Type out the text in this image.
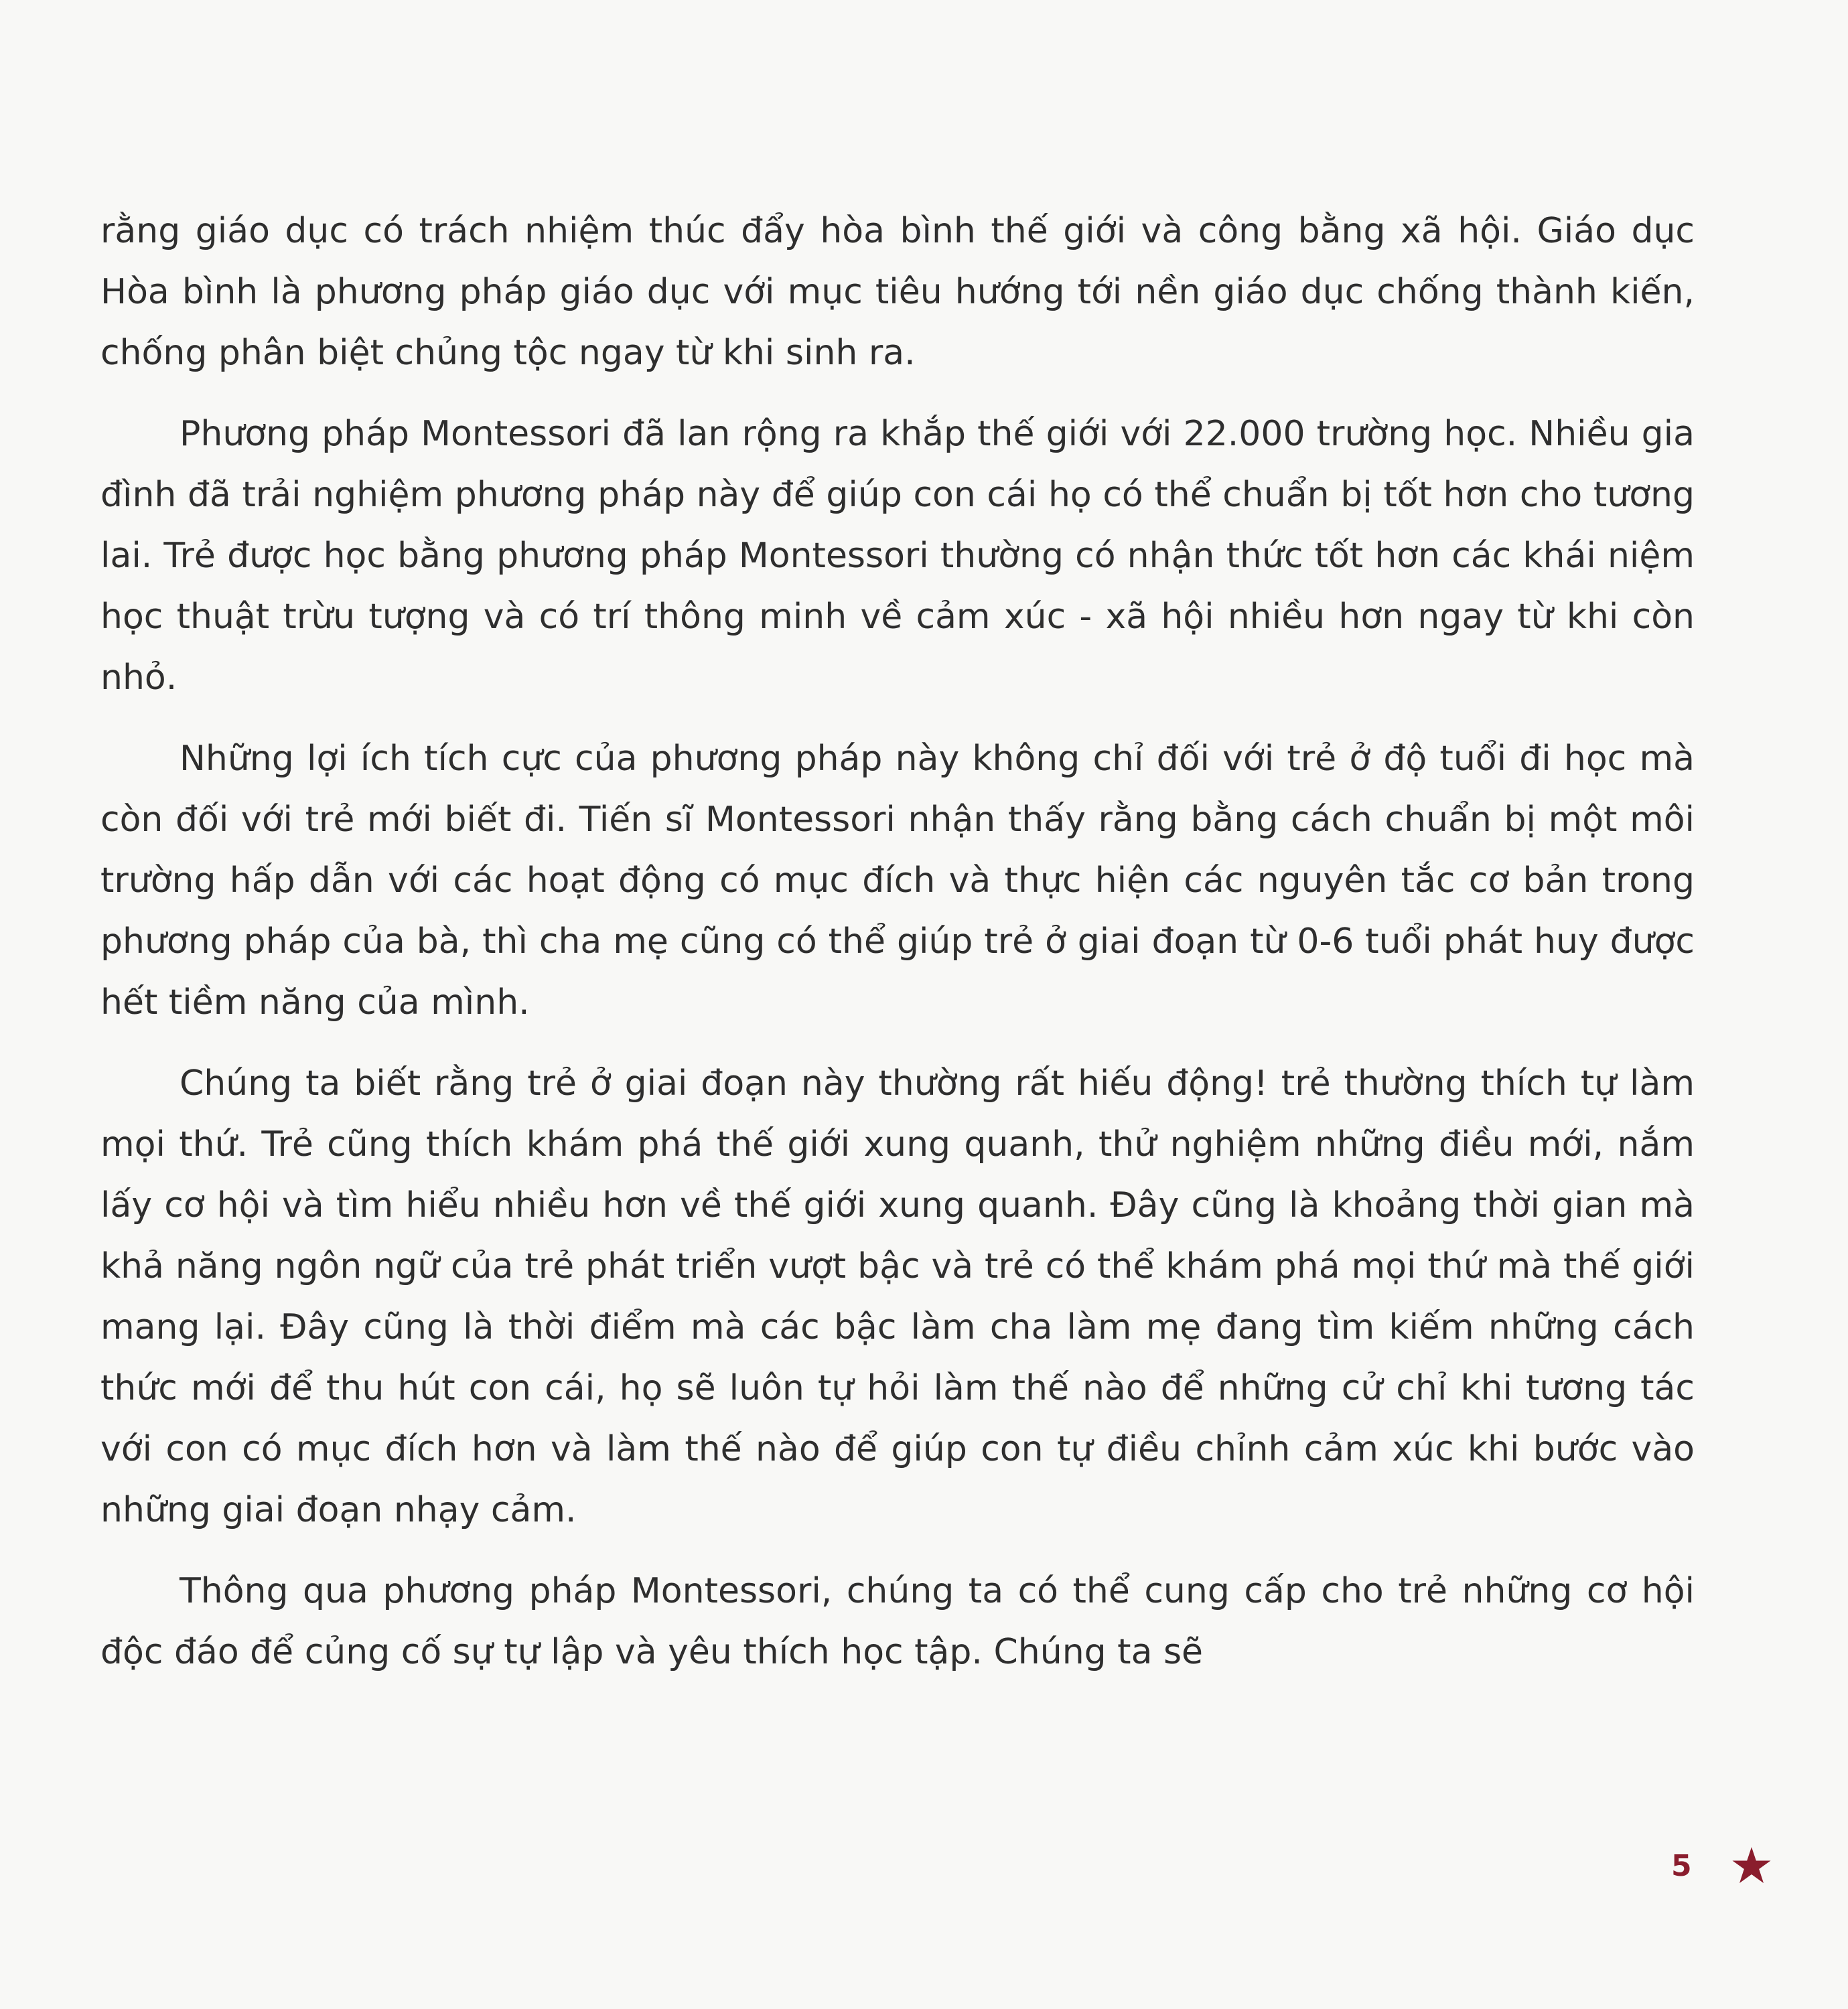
rằng giáo dục có trách nhiệm thúc đẩy hòa bình thế giới và công bằng xã hội. Giáo dục Hòa bình là phương pháp giáo dục với mục tiêu hướng tới nền giáo dục chống thành kiến, chống phân biệt chủng tộc ngay từ khi sinh ra.

Phương pháp Montessori đã lan rộng ra khắp thế giới với 22.000 trường học. Nhiều gia đình đã trải nghiệm phương pháp này để giúp con cái họ có thể chuẩn bị tốt hơn cho tương lai. Trẻ được học bằng phương pháp Montessori thường có nhận thức tốt hơn các khái niệm học thuật trừu tượng và có trí thông minh về cảm xúc - xã hội nhiều hơn ngay từ khi còn nhỏ.

Những lợi ích tích cực của phương pháp này không chỉ đối với trẻ ở độ tuổi đi học mà còn đối với trẻ mới biết đi. Tiến sĩ Montessori nhận thấy rằng bằng cách chuẩn bị một môi trường hấp dẫn với các hoạt động có mục đích và thực hiện các nguyên tắc cơ bản trong phương pháp của bà, thì cha mẹ cũng có thể giúp trẻ ở giai đoạn từ 0-6 tuổi phát huy được hết tiềm năng của mình.

Chúng ta biết rằng trẻ ở giai đoạn này thường rất hiếu động! trẻ thường thích tự làm mọi thứ. Trẻ cũng thích khám phá thế giới xung quanh, thử nghiệm những điều mới, nắm lấy cơ hội và tìm hiểu nhiều hơn về thế giới xung quanh. Đây cũng là khoảng thời gian mà khả năng ngôn ngữ của trẻ phát triển vượt bậc và trẻ có thể khám phá mọi thứ mà thế giới mang lại. Đây cũng là thời điểm mà các bậc làm cha làm mẹ đang tìm kiếm những cách thức mới để thu hút con cái, họ sẽ luôn tự hỏi làm thế nào để những cử chỉ khi tương tác với con có mục đích hơn và làm thế nào để giúp con tự điều chỉnh cảm xúc khi bước vào những giai đoạn nhạy cảm.

Thông qua phương pháp Montessori, chúng ta có thể cung cấp cho trẻ những cơ hội độc đáo để củng cố sự tự lập và yêu thích học tập. Chúng ta sẽ

5
